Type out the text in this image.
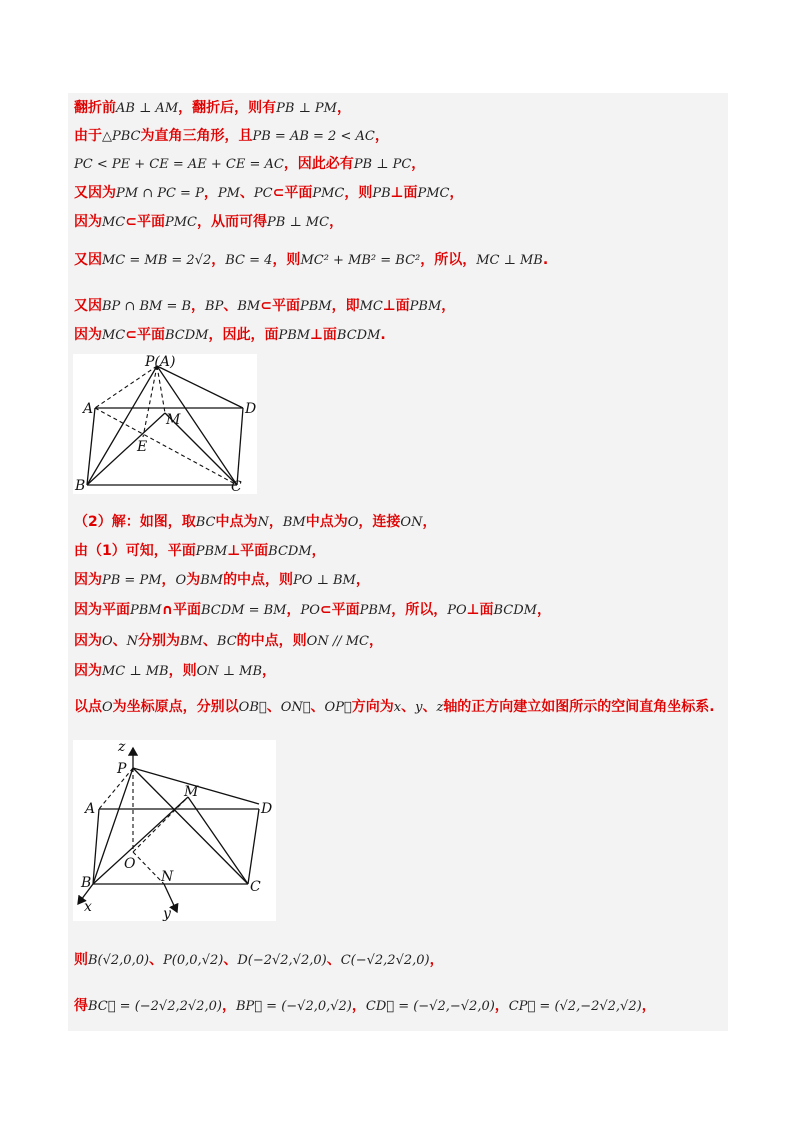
翻折前AB ⊥ AM，翻折后，则有PB ⊥ PM，
由于△PBC为直角三角形，且PB = AB = 2 < AC，
PC < PE + CE = AE + CE = AC，因此必有PB ⊥ PC，
又因为PM ∩ PC = P，PM、PC⊂平面PMC，则PB⊥面PMC，
因为MC⊂平面PMC，从而可得PB ⊥ MC，
又因MC = MB = 2√2，BC = 4，则MC² + MB² = BC²，所以，MC ⊥ MB.
又因BP ∩ BM = B，BP、BM⊂平面PBM，即MC⊥面PBM，
因为MC⊂平面BCDM，因此，面PBM⊥面BCDM.
P(A)
A	D
M
E
B	C
（2）解：如图，取BC中点为N，BM中点为O，连接ON，
由（1）可知，平面PBM⊥平面BCDM，
因为PB = PM，O为BM的中点，则PO ⊥ BM，
因为平面PBM∩平面BCDM = BM，PO⊂平面PBM，所以，PO⊥面BCDM，
因为O、N分别为BM、BC的中点，则ON // MC，
因为MC ⊥ MB，则ON ⊥ MB，
以点O为坐标原点，分别以OB⃗、ON⃗、OP⃗方向为x、y、z轴的正方向建立如图所示的空间直角坐标系.
z
P
A
M
D
O
B	N
C
x	y
则B(√2,0,0)、P(0,0,√2)、D(−2√2,√2,0)、C(−√2,2√2,0)，
得BC⃗ = (−2√2,2√2,0)，BP⃗ = (−√2,0,√2)，CD⃗ = (−√2,−√2,0)，CP⃗ = (√2,−2√2,√2)，
